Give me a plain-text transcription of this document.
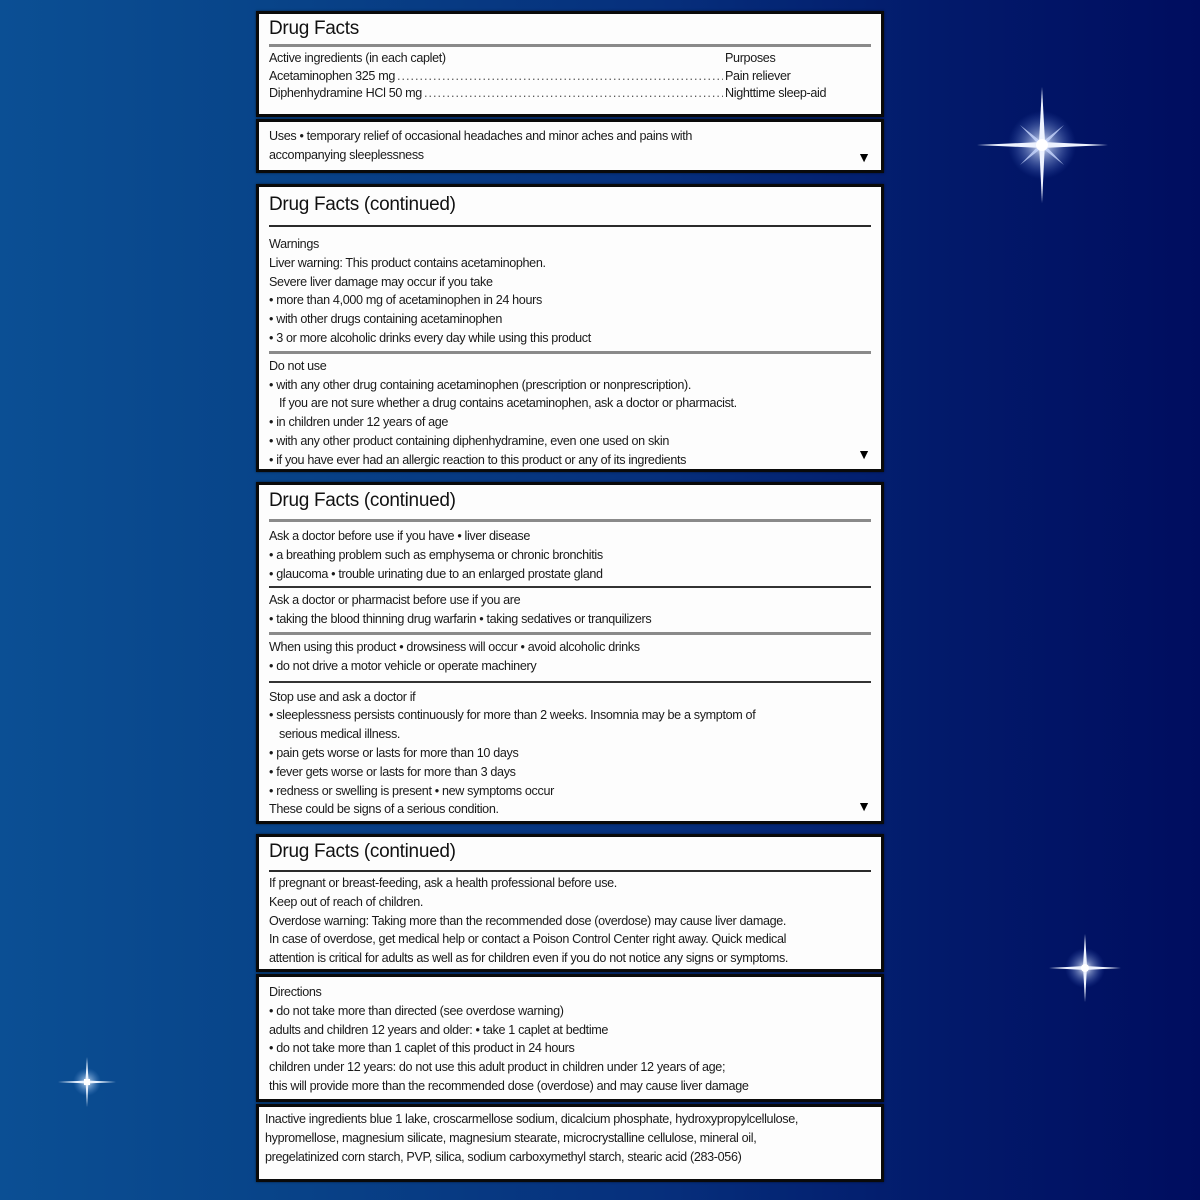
Drug Facts
Active ingredients (in each caplet)	Purposes
Acetaminophen 325 mg .....	Pain reliever
Diphenhydramine HCl 50 mg .....	Nighttime sleep-aid
Uses • temporary relief of occasional headaches and minor aches and pains with
accompanying sleeplessness	▼
Drug Facts (continued)
Warnings
Liver warning: This product contains acetaminophen.
Severe liver damage may occur if you take
• more than 4,000 mg of acetaminophen in 24 hours
• with other drugs containing acetaminophen
• 3 or more alcoholic drinks every day while using this product
Do not use
• with any other drug containing acetaminophen (prescription or nonprescription).
If you are not sure whether a drug contains acetaminophen, ask a doctor or pharmacist.
• in children under 12 years of age
• with any other product containing diphenhydramine, even one used on skin
• if you have ever had an allergic reaction to this product or any of its ingredients	▼
Drug Facts (continued)
Ask a doctor before use if you have • liver disease
• a breathing problem such as emphysema or chronic bronchitis
• glaucoma • trouble urinating due to an enlarged prostate gland
Ask a doctor or pharmacist before use if you are
• taking the blood thinning drug warfarin • taking sedatives or tranquilizers
When using this product • drowsiness will occur • avoid alcoholic drinks
• do not drive a motor vehicle or operate machinery
Stop use and ask a doctor if
• sleeplessness persists continuously for more than 2 weeks. Insomnia may be a symptom of
serious medical illness.
• pain gets worse or lasts for more than 10 days
• fever gets worse or lasts for more than 3 days
• redness or swelling is present • new symptoms occur
These could be signs of a serious condition.	▼
Drug Facts (continued)
If pregnant or breast-feeding, ask a health professional before use.
Keep out of reach of children.
Overdose warning: Taking more than the recommended dose (overdose) may cause liver damage.
In case of overdose, get medical help or contact a Poison Control Center right away. Quick medical
attention is critical for adults as well as for children even if you do not notice any signs or symptoms.
Directions
• do not take more than directed (see overdose warning)
adults and children 12 years and older: • take 1 caplet at bedtime
• do not take more than 1 caplet of this product in 24 hours
children under 12 years: do not use this adult product in children under 12 years of age;
this will provide more than the recommended dose (overdose) and may cause liver damage
Inactive ingredients blue 1 lake, croscarmellose sodium, dicalcium phosphate, hydroxypropylcellulose,
hypromellose, magnesium silicate, magnesium stearate, microcrystalline cellulose, mineral oil,
pregelatinized corn starch, PVP, silica, sodium carboxymethyl starch, stearic acid (283-056)
